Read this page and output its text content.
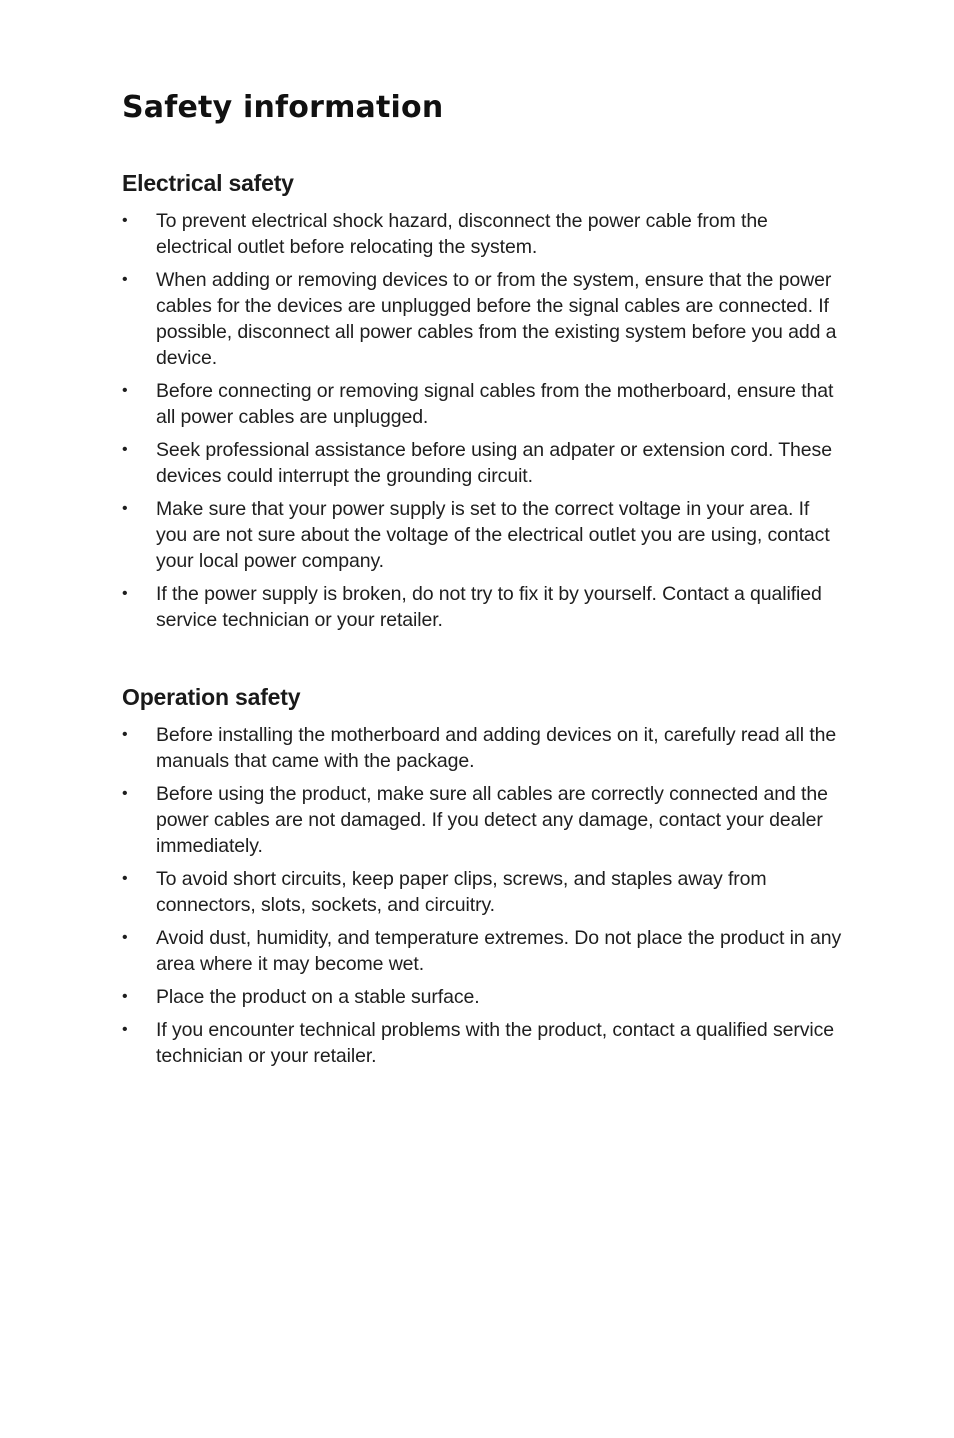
Safety information
Electrical safety
• To prevent electrical shock hazard, disconnect the power cable from the electrical outlet before relocating the system.
• When adding or removing devices to or from the system, ensure that the power cables for the devices are unplugged before the signal cables are connected. If possible, disconnect all power cables from the existing system before you add a device.
• Before connecting or removing signal cables from the motherboard, ensure that all power cables are unplugged.
• Seek professional assistance before using an adpater or extension cord. These devices could interrupt the grounding circuit.
• Make sure that your power supply is set to the correct voltage in your area. If you are not sure about the voltage of the electrical outlet you are using, contact your local power company.
• If the power supply is broken, do not try to fix it by yourself. Contact a qualified service technician or your retailer.
Operation safety
• Before installing the motherboard and adding devices on it, carefully read all the manuals that came with the package.
• Before using the product, make sure all cables are correctly connected and the power cables are not damaged. If you detect any damage, contact your dealer immediately.
• To avoid short circuits, keep paper clips, screws, and staples away from connectors, slots, sockets, and circuitry.
• Avoid dust, humidity, and temperature extremes. Do not place the product in any area where it may become wet.
• Place the product on a stable surface.
• If you encounter technical problems with the product, contact a qualified service technician or your retailer.
